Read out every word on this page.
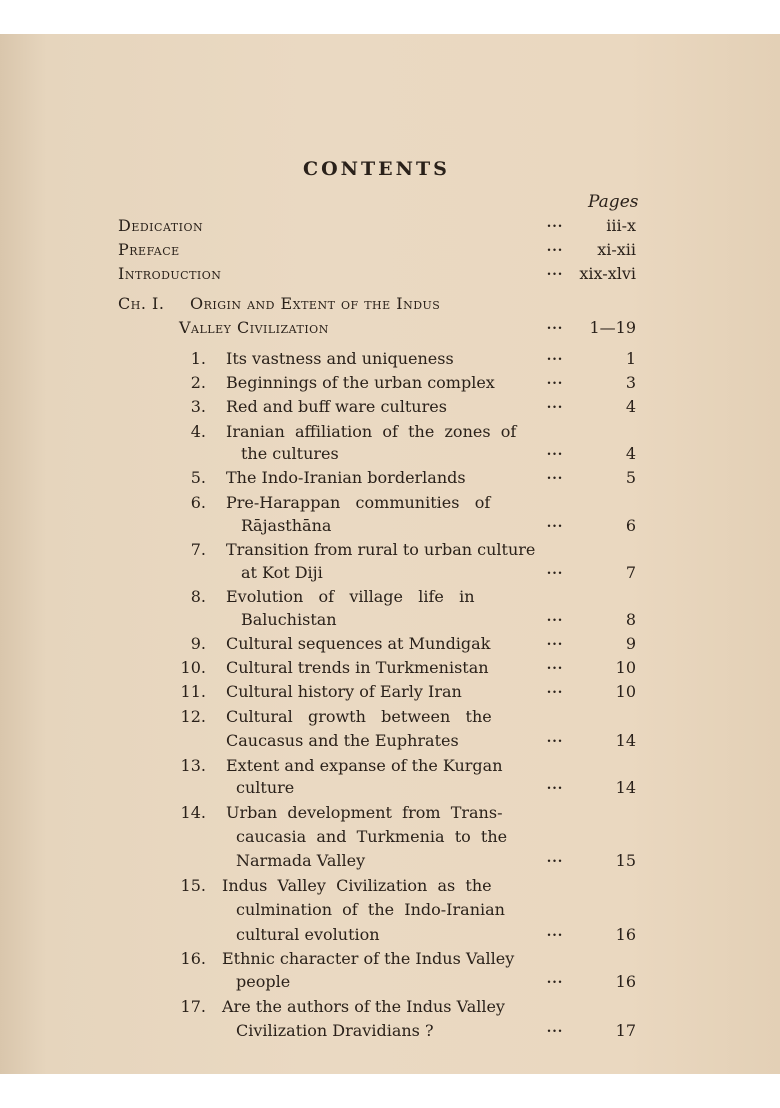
CONTENTS
Pages
Dedication	...	iii-x
Preface	...	xi-xii
Introduction	...	xix-xlvi
Ch. I. Origin and Extent of the Indus
Valley Civilization	...	1—19
1. Its vastness and uniqueness	...	1
2. Beginnings of the urban complex	...	3
3. Red and buff ware cultures	...	4
4. Iranian  affiliation  of  the  zones  of
the cultures	...	4
5. The Indo-Iranian borderlands	...	5
6. Pre-Harappan   communities   of
Rājasthāna	...	6
7. Transition from rural to urban culture
at Kot Diji	...	7
8. Evolution   of   village   life   in
Baluchistan	...	8
9. Cultural sequences at Mundigak	...	9
10. Cultural trends in Turkmenistan	...	10
11. Cultural history of Early Iran	...	10
12. Cultural   growth   between   the
Caucasus and the Euphrates	...	14
13. Extent and expanse of the Kurgan
culture	...	14
14. Urban  development  from  Trans-
caucasia  and  Turkmenia  to  the
Narmada Valley	...	15
15. Indus  Valley  Civilization  as  the
culmination  of  the  Indo-Iranian
cultural evolution	...	16
16. Ethnic character of the Indus Valley
people	...	16
17. Are the authors of the Indus Valley
Civilization Dravidians ?	...	17
